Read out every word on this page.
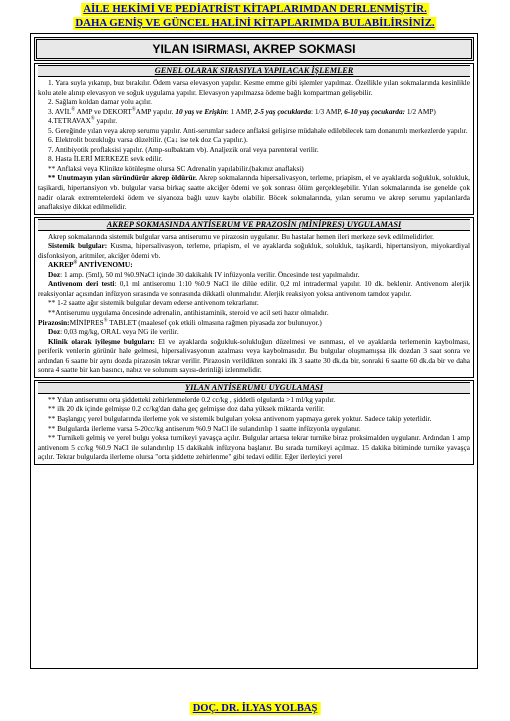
AİLE HEKİMİ VE PEDİATRİST KİTAPLARIMDAN DERLENMİŞTİR.
DAHA GENİŞ VE GÜNCEL HALİNİ KİTAPLARIMDA BULABİLİRSİNİZ.
YILAN ISIRMASI, AKREP SOKMASI
GENEL OLARAK SIRASIYLA YAPILACAK İŞLEMLER

1. Yara suyla yıkanıp, buz bırakılır. Ödem varsa elevasyon yapılır. Kesme emme gibi işlemler yapılmaz. Özellikle yılan sokmalarında kesinlikle kolu atele alınıp elevasyon ve soğuk uygulama yapılır. Elevasyon yapılmazsa ödeme bağlı kompartman gelişebilir.

2. Sağlam koldan damar yolu açılır.

3. AVİL® AMP ve DEKORT®AMP yapılır. 10 yaş ve Erişkin: 1 AMP, 2-5 yaş çocuklarda: 1/3 AMP, 6-10 yaş çocukarda: 1/2 AMP)

4.TETRAVAX® yapılır.

5. Gereğinde yılan veya akrep serumu yapılır. Anti-serumlar sadece anflaksi gelişirse müdahale edilebilecek tam donanımlı merkezlerde yapılır.

6. Elektrolit bozukluğu varsa düzeltilir. (Ca↓ ise tek doz Ca yapılır.).

7. Antibiyotik proflaksisi yapılır. (Amp-sulbaktam vb). Analjezik oral veya parenteral verilir.

8. Hasta İLERİ MERKEZE sevk edilir.

** Anflaksi veya Klinikte kötüleşme olursa SC Adrenalin yapılabilir.(bakınız anaflaksi)

** Unutmayın yılan süründürür akrep öldürür. Akrep sokmalarında hipersalivasyon, terleme, priapism, el ve ayaklarda soğukluk, solukluk, taşikardi, hipertansiyon vb. bulgular varsa birkaç saatte akciğer ödemi ve şok sonrası ölüm gerçekleşebilir. Yılan sokmalarında ise genelde çok nadir olarak extremtelerdeki ödem ve siyanoza bağlı uzuv kaybı olabilir. Böcek sokmalarında, yılan serumu ve akrep serumu yapılanlarda anaflaksiye dikkat edilmelidir.

AKREP SOKMASINDA ANTİSERUM VE PRAZOSİN (MİNİPRES) UYGULAMASI

Akrep sokmalarında sistemik bulgular varsa antiserumu ve pirazosin uygulanır. Bu hastalar hemen ileri merkeze sevk edilmelidirler.

Sistemik bulgular: Kusma, hipersalivasyon, terleme, priapism, el ve ayaklarda soğukluk, solukluk, taşikardi, hipertansiyon, miyokardiyal disfonksiyon, aritmiler, akciğer ödemi vb.

AKREP® ANTİVENOMU:

Doz: 1 amp. (5ml), 50 ml %0.9NaCl içinde 30 dakikalık IV infüzyonla verilir. Öncesinde test yapılmalıdır.

Antivenom deri testi: 0,1 ml antiseromu 1:10 %0.9 NaCl ile dilüe edilir. 0,2 ml intradermal yapılır. 10 dk. beklenir. Antivenom alerjik reaksiyonlar açısından infüzyon sırasında ve sonrasında dikkatli olunmalıdır. Alerjik reaksiyon yoksa antivenom tamdoz yapılır.

** 1-2 saatte ağır sistemik bulgular devam ederse antivenom tekrarlanır.

**Antiserumu uygulama öncesinde adrenalin, antihistaminik, steroid ve acil seti hazır olmalıdır.

Pirazosin:MİNİPRES® TABLET (maalesef çok etkili olmasına rağmen piyasada zor bulunuyor.)

Doz: 0,03 mg/kg, ORAL veya NG ile verilir.

Klinik olarak iyileşme bulguları: El ve ayaklarda soğukluk-solukluğun düzelmesi ve ısınması, el ve ayaklarda terlemenin kaybolması, periferik venlerin görünür hale gelmesi, hipersalivasyonun azalması veya kaybolmasıdır. Bu bulgular oluşmamışsa ilk dozdan 3 saat sonra ve ardından 6 saatte bir aynı dozda pirazosin tekrar verilir. Pirazosin verildikten sonraki ilk 3 saatte 30 dk.da bir, sonraki 6 saatte 60 dk.da bir ve daha sonra 4 saatte bir kan basıncı, nabız ve solunum sayısı-derinliği izlenmelidir.

YILAN ANTİSERUMU UYGULAMASI

** Yılan antiserumu orta şiddetteki zehirlenmelerde 0.2 cc/kg , şiddetli olgularda >1 ml/kg yapılır.

** ilk 20 dk içinde gelmişse 0.2 cc/kg'dan daha geç gelmişse doz daha yüksek miktarda verilir.

** Başlangıç yerel bulgularında ilerleme yok ve sistemik bulguları yoksa antivenom yapmaya gerek yoktur. Sadece takip yeterlidir.

** Bulgularda ilerleme varsa 5-20cc/kg antiserum %0.9 NaCl ile sulandırılıp 1 saatte infüzyonla uygulanır.

** Turnikeli gelmiş ve yerel bulgu yoksa turnikeyi yavaşça açılır. Bulgular artarsa tekrar turnike biraz proksimalden uygulanır. Ardından 1 amp antivenom 5 cc/kg %0.9 NaCl ile sulandırılıp 15 dakikalık infüzyona başlanır. Bu sırada turnikeyi açılmaz. 15 dakika bitiminde turnike yavaşça açılır. Tekrar bulgularda ilerleme olursa "orta şiddette zehirlenme" gibi tedavi edilir. Eğer ilerleyici yerel

DOÇ. DR. İLYAS YOLBAŞ
